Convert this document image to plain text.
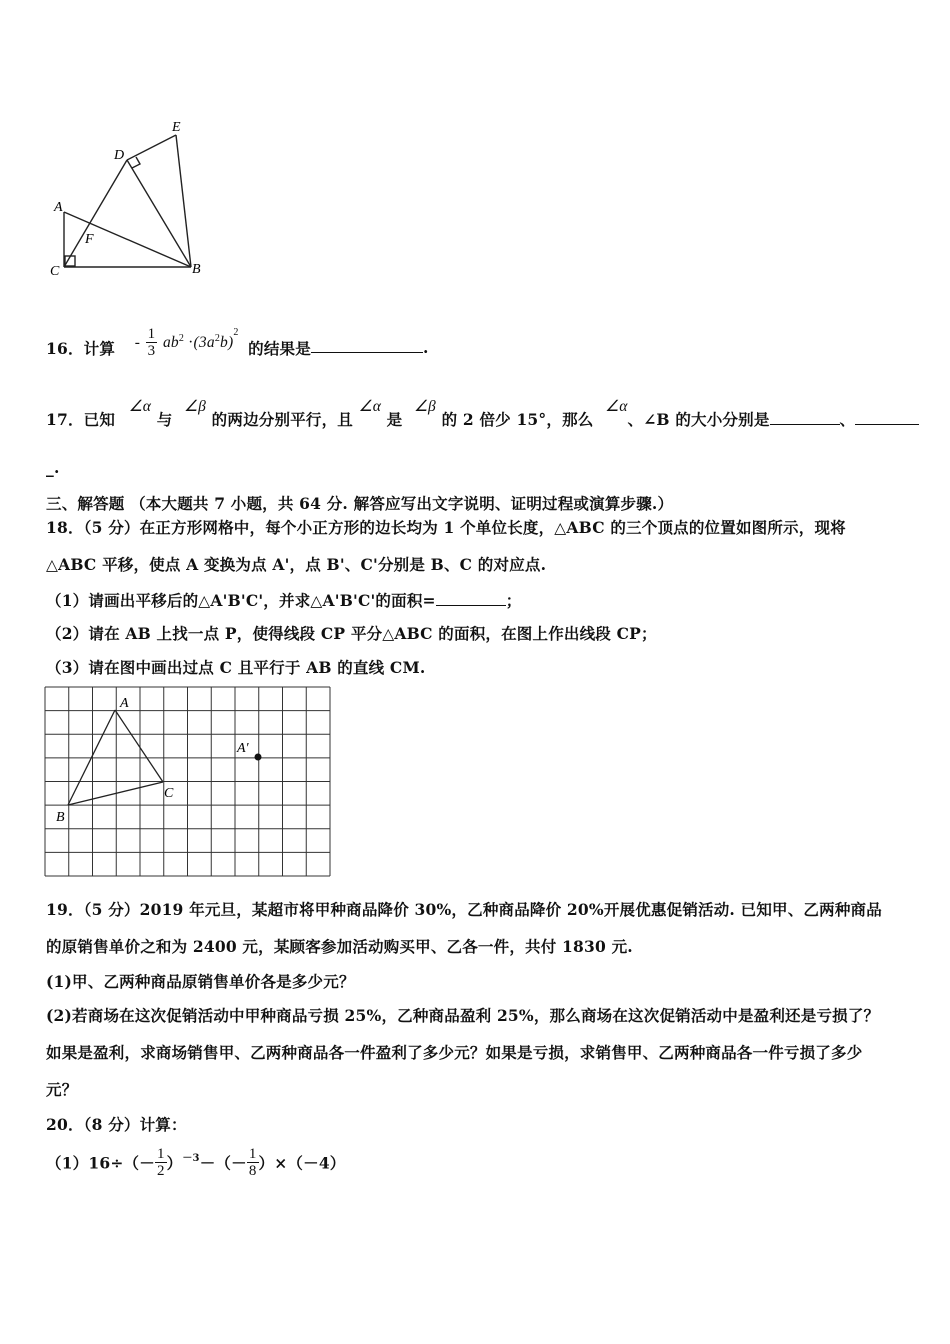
A
B
C
D
E
F
16．计算 - $\frac{1}{3} ab^2 \cdot(3a^2b)^2$ 的结果是	.
17．已知 ∠α 与 ∠β 的两边分别平行，且 ∠α 是 ∠β 的 2 倍少 15°，那么 ∠α、∠B 的大小分别是	、
_.
三、解答题 （本大题共 7 小题，共 64 分. 解答应写出文字说明、证明过程或演算步骤.）
18．（5 分）在正方形网格中，每个小正方形的边长均为 1 个单位长度，△ABC 的三个顶点的位置如图所示，现将
△ABC 平移，使点 A 变换为点 A'，点 B'、C'分别是 B、C 的对应点.
（1）请画出平移后的△A'B'C'，并求△A'B'C'的面积=	；
（2）请在 AB 上找一点 P，使得线段 CP 平分△ABC 的面积，在图上作出线段 CP；
（3）请在图中画出过点 C 且平行于 AB 的直线 CM.
A
B
C
A′
19．（5 分）2019 年元旦，某超市将甲种商品降价 30%，乙种商品降价 20%开展优惠促销活动. 已知甲、乙两种商品
的原销售单价之和为 2400 元，某顾客参加活动购买甲、乙各一件，共付 1830 元.
(1)甲、乙两种商品原销售单价各是多少元？
(2)若商场在这次促销活动中甲种商品亏损 25%，乙种商品盈利 25%，那么商场在这次促销活动中是盈利还是亏损了？
如果是盈利，求商场销售甲、乙两种商品各一件盈利了多少元？如果是亏损，求销售甲、乙两种商品各一件亏损了多少
元？
20．（8 分）计算：
$(1)16\div(- \frac{1}{2} )^{-3}-(- \frac{1}{8} )\times(-4)$
